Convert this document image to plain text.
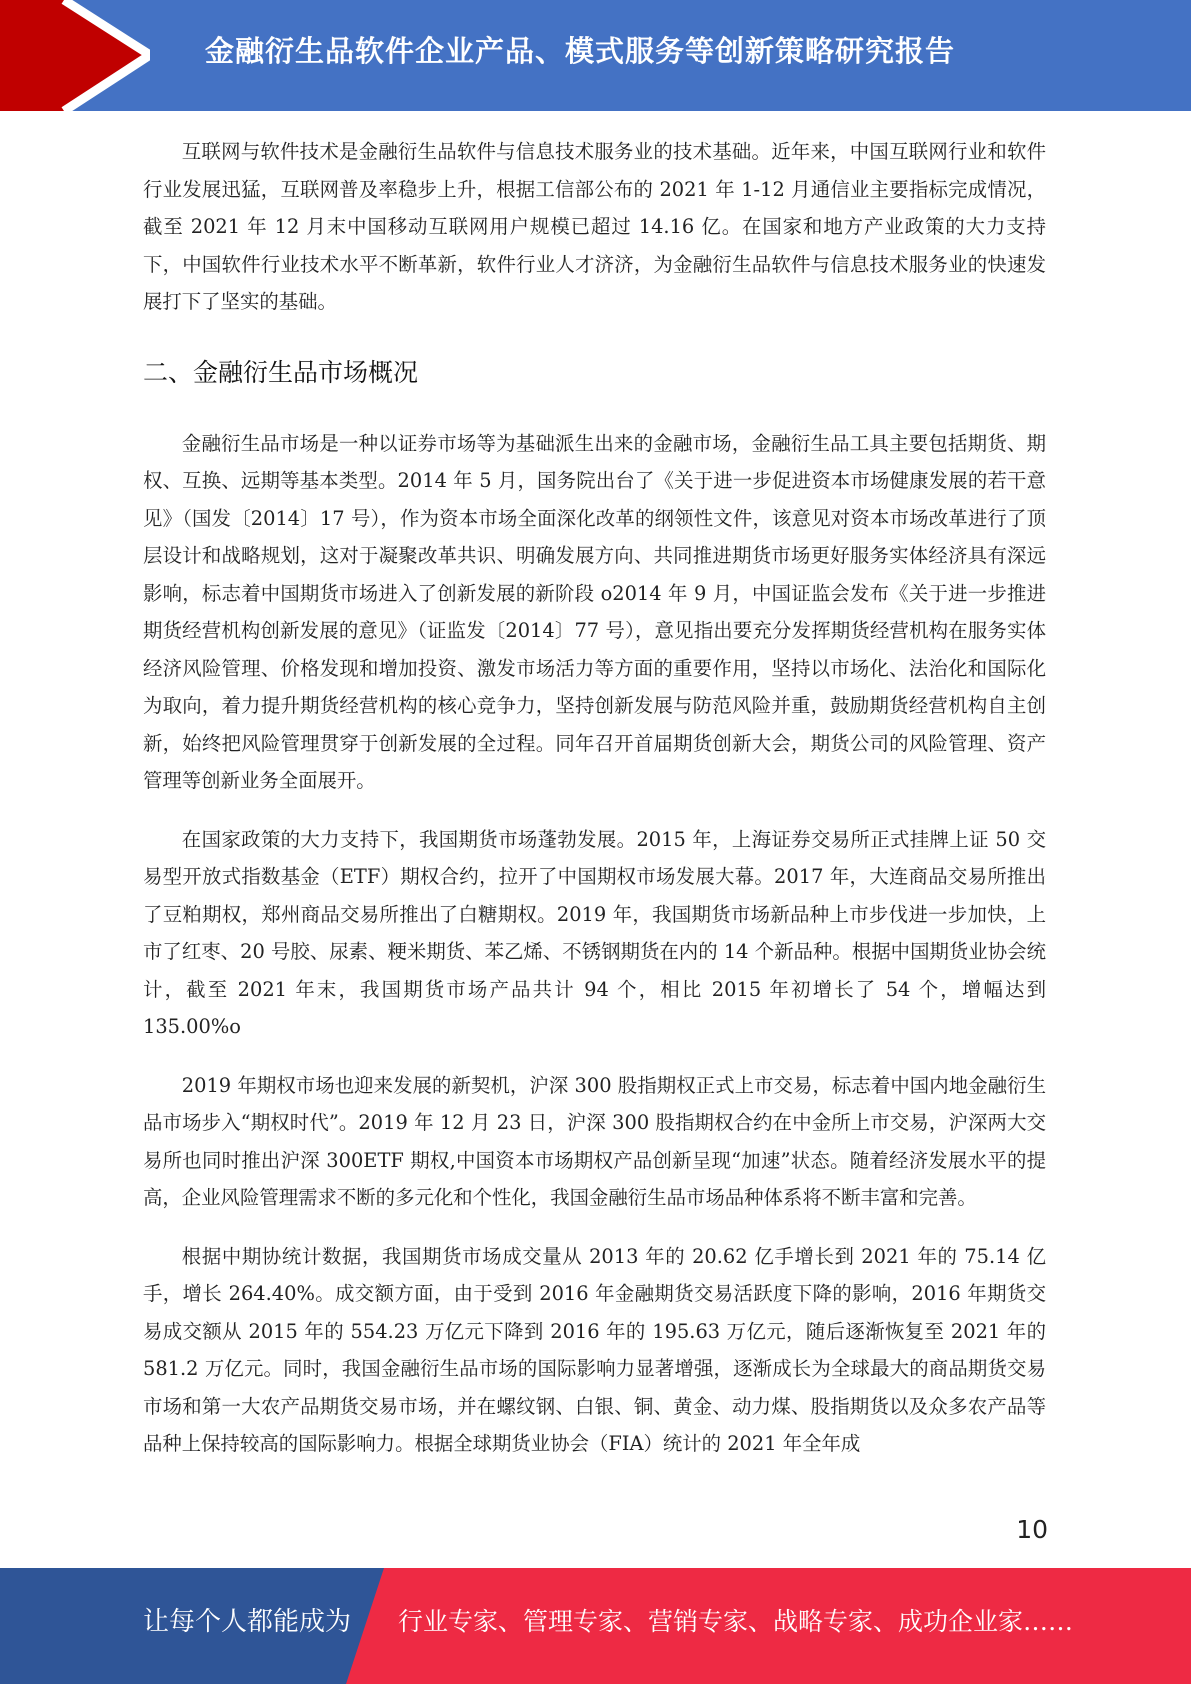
金融衍生品软件企业产品、模式服务等创新策略研究报告

互联网与软件技术是金融衍生品软件与信息技术服务业的技术基础。近年来，中国互联网行业和软件行业发展迅猛，互联网普及率稳步上升，根据工信部公布的 2021 年 1-12 月通信业主要指标完成情况，截至 2021 年 12 月末中国移动互联网用户规模已超过 14.16 亿。在国家和地方产业政策的大力支持下，中国软件行业技术水平不断革新，软件行业人才济济，为金融衍生品软件与信息技术服务业的快速发展打下了坚实的基础。

二、金融衍生品市场概况

金融衍生品市场是一种以证券市场等为基础派生出来的金融市场，金融衍生品工具主要包括期货、期权、互换、远期等基本类型。2014 年 5 月，国务院出台了《关于进一步促进资本市场健康发展的若干意见》（国发〔2014〕17 号），作为资本市场全面深化改革的纲领性文件，该意见对资本市场改革进行了顶层设计和战略规划，这对于凝聚改革共识、明确发展方向、共同推进期货市场更好服务实体经济具有深远影响，标志着中国期货市场进入了创新发展的新阶段 o2014 年 9 月，中国证监会发布《关于进一步推进期货经营机构创新发展的意见》（证监发〔2014〕77 号），意见指出要充分发挥期货经营机构在服务实体经济风险管理、价格发现和增加投资、激发市场活力等方面的重要作用，坚持以市场化、法治化和国际化为取向，着力提升期货经营机构的核心竞争力，坚持创新发展与防范风险并重，鼓励期货经营机构自主创新，始终把风险管理贯穿于创新发展的全过程。同年召开首届期货创新大会，期货公司的风险管理、资产管理等创新业务全面展开。

在国家政策的大力支持下，我国期货市场蓬勃发展。2015 年，上海证券交易所正式挂牌上证 50 交易型开放式指数基金（ETF）期权合约，拉开了中国期权市场发展大幕。2017 年，大连商品交易所推出了豆粕期权，郑州商品交易所推出了白糖期权。2019 年，我国期货市场新品种上市步伐进一步加快，上市了红枣、20 号胶、尿素、粳米期货、苯乙烯、不锈钢期货在内的 14 个新品种。根据中国期货业协会统计，截至 2021 年末，我国期货市场产品共计 94 个，相比 2015 年初增长了 54 个，增幅达到 135.00%o

2019 年期权市场也迎来发展的新契机，沪深 300 股指期权正式上市交易，标志着中国内地金融衍生品市场步入“期权时代”。2019 年 12 月 23 日，沪深 300 股指期权合约在中金所上市交易，沪深两大交易所也同时推出沪深 300ETF 期权,中国资本市场期权产品创新呈现“加速”状态。随着经济发展水平的提高，企业风险管理需求不断的多元化和个性化，我国金融衍生品市场品种体系将不断丰富和完善。

根据中期协统计数据，我国期货市场成交量从 2013 年的 20.62 亿手增长到 2021 年的 75.14 亿手，增长 264.40%。成交额方面，由于受到 2016 年金融期货交易活跃度下降的影响，2016 年期货交易成交额从 2015 年的 554.23 万亿元下降到 2016 年的 195.63 万亿元，随后逐渐恢复至 2021 年的 581.2 万亿元。同时，我国金融衍生品市场的国际影响力显著增强，逐渐成长为全球最大的商品期货交易市场和第一大农产品期货交易市场，并在螺纹钢、白银、铜、黄金、动力煤、股指期货以及众多农产品等品种上保持较高的国际影响力。根据全球期货业协会（FIA）统计的 2021 年全年成

10
让每个人都能成为 行业专家、管理专家、营销专家、战略专家、成功企业家……
